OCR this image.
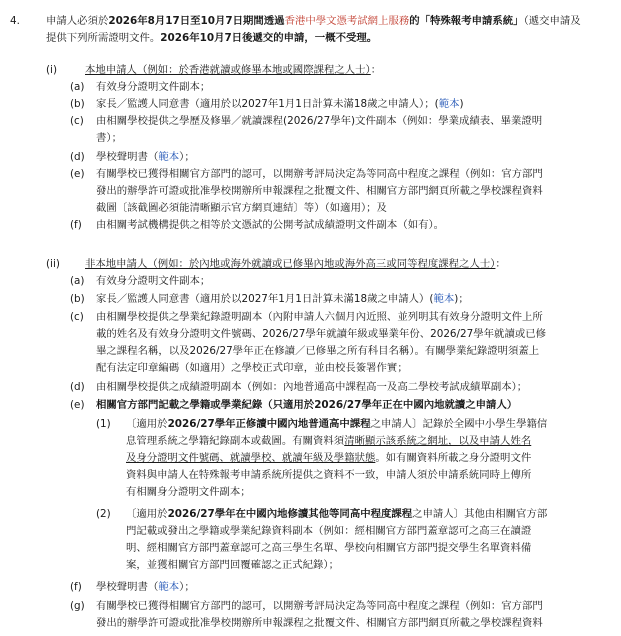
4.	申請人必須於2026年8月17日至10月7日期間透過香港中學文憑考試網上服務的「特殊報考申請系統」（遞交申請及
提供下列所需證明文件。2026年10月7日後遞交的申請，一概不受理。
(i)	本地申請人（例如：於香港就讀或修畢本地或國際課程之人士）：
(a) 有效身分證明文件副本；
(b) 家長／監護人同意書（適用於以2027年1月1日計算未滿18歲之申請人）；(範本)
(c) 由相關學校提供之學歷及修畢／就讀課程(2026/27學年)文件副本（例如：學業成績表、畢業證明
書）；
(d) 學校聲明書（範本）；
(e) 有關學校已獲得相關官方部門的認可，以開辦考評局決定為等同高中程度之課程（例如：官方部門
發出的辦學許可證或批准學校開辦所申報課程之批覆文件、相關官方部門網頁所載之學校課程資料
截圖〔該截圖必須能清晰顯示官方網頁連結〕等）（如適用）；及
(f) 由相關考試機構提供之相等於文憑試的公開考試成績證明文件副本（如有）。
(ii) 非本地申請人（例如：於內地或海外就讀或已修畢內地或海外高三或同等程度課程之人士）：
(a) 有效身分證明文件副本；
(b) 家長／監護人同意書（適用於以2027年1月1日計算未滿18歲之申請人）(範本)；
(c) 由相關學校提供之學業紀錄證明副本（內附申請人六個月內近照、並列明其有效身分證明文件上所
載的姓名及有效身分證明文件號碼、2026/27學年就讀年級或畢業年份、2026/27學年就讀或已修
畢之課程名稱，以及2026/27學年正在修讀／已修畢之所有科目名稱）。有關學業紀錄證明須蓋上
配有法定印章編碼（如適用）之學校正式印章，並由校長簽署作實；
(d) 由相關學校提供之成績證明副本（例如：內地普通高中課程高一及高二學校考試成績單副本）；
(e) 相關官方部門記載之學籍或學業紀錄（只適用於2026/27學年正在中國內地就讀之申請人）
(1) 〔適用於2026/27學年正修讀中國內地普通高中課程之申請人〕記錄於全國中小學生學籍信
息管理系統之學籍紀錄副本或截圖。有關資料須清晰顯示該系統之網址，以及申請人姓名
及身分證明文件號碼、就讀學校、就讀年級及學籍狀態。如有關資料所載之身分證明文件
資料與申請人在特殊報考申請系統所提供之資料不一致，申請人須於申請系統同時上傳所
有相關身分證明文件副本；
(2) 〔適用於2026/27學年在中國內地修讀其他等同高中程度課程之申請人〕其他由相關官方部
門記載或發出之學籍或學業紀錄資料副本（例如：經相關官方部門蓋章認可之高三在讀證
明、經相關官方部門蓋章認可之高三學生名單、學校向相關官方部門提交學生名單資料備
案，並獲相關官方部門回覆確認之正式紀錄）；
(f) 學校聲明書（範本）；
(g) 有關學校已獲得相關官方部門的認可，以開辦考評局決定為等同高中程度之課程（例如：官方部門
發出的辦學許可證或批准學校開辦所申報課程之批覆文件、相關官方部門網頁所載之學校課程資料
